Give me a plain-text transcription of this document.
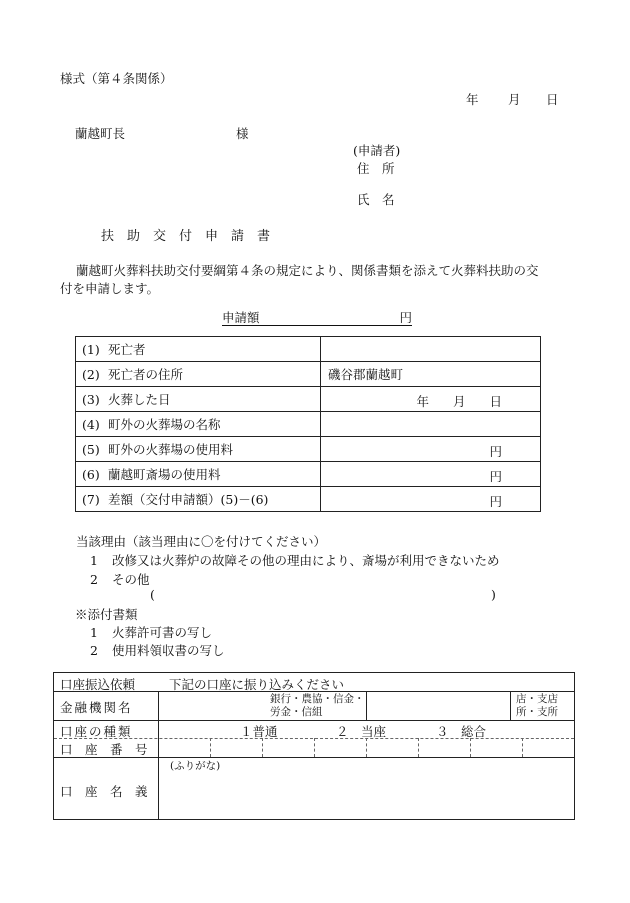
様式（第４条関係）
年 月 日
蘭越町長	様
(申請者)
住　所
氏　名
扶　助　交　付　申　請　書
蘭越町火葬料扶助交付要綱第４条の規定により、関係書類を添えて火葬料扶助の交
付を申請します。
申請額	円
(1) 死亡者	
(2) 死亡者の住所	磯谷郡蘭越町
(3) 火葬した日	年 月 日

(4) 町外の火葬場の名称	
(5) 町外の火葬場の使用料	円

(6) 蘭越町斎場の使用料	円

(7) 差額（交付申請額）(5)－(6)	円
当該理由（該当理由に〇を付けてください）
1 改修又は火葬炉の故障その他の理由により、斎場が利用できないため
2 その他
(	)
※添付書類
1 火葬許可書の写し
2 使用料領収書の写し
口座振込依頼	下記の口座に振り込みください
金融機関名
銀行・農協・信金・
労金・信組
店・支店
所・支所
口座の種類	１普通	２　当座	３　総合
口　座　番　号
(ふりがな)
口　座　名　義
